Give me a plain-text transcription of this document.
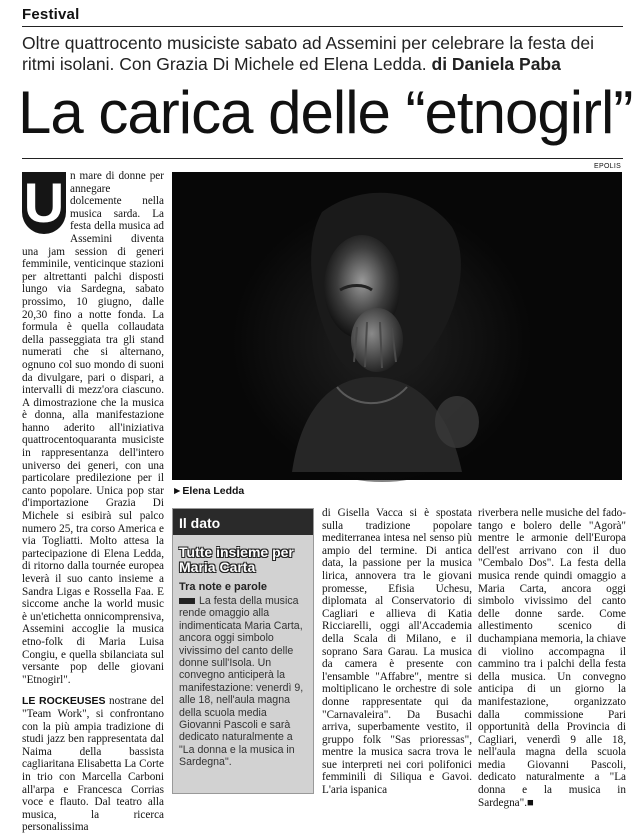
Festival
Oltre quattrocento musiciste sabato ad Assemini per celebrare la festa dei ritmi isolani. Con Grazia Di Michele ed Elena Ledda. di Daniela Paba
La carica delle “etnogirl”
U n mare di donne per annegare dolcemente nella musica sarda. La festa della musica ad Assemini diventa una jam session di generi femminile, venticinque stazioni per altrettanti palchi disposti lungo via Sardegna, sabato prossimo, 10 giugno, dalle 20,30 fino a notte fonda. La formula è quella collaudata della passeggiata tra gli stand numerati che si alternano, ognuno col suo mondo di suoni da divulgare, pari o dispari, a intervalli di mezz'ora ciascuno. A dimostrazione che la musica è donna, alla manifestazione hanno aderito all'iniziativa quattrocentoquaranta musiciste in rappresentanza dell'intero universo dei generi, con una particolare predilezione per il canto popolare. Unica pop star d'importazione Grazia Di Michele si esibirà sul palco numero 25, tra corso America e via Togliatti. Molto attesa la partecipazione di Elena Ledda, di ritorno dalla tournée europea leverà il suo canto insieme a Sandra Ligas e Rossella Faa. E siccome anche la world music è un'etichetta onnicomprensiva, Assemini accoglie la musica etno-folk di Maria Luisa Congiu, e quella sbilanciata sul versante pop delle giovani "Etnogirl".

LE ROCKEUSES nostrane del "Team Work", si confrontano con la più ampia tradizione di studi jazz ben rappresentata dal Naima della bassista cagliaritana Elisabetta La Corte in trio con Marcella Carboni all'arpa e Francesca Corrias voce e flauto. Dal teatro alla musica, la ricerca personalissima

EPOLIS
►Elena Ledda
Il dato
Tutte insieme per Maria Carta
Tra note e parole
La festa della musica rende omaggio alla indimenticata Maria Carta, ancora oggi simbolo vivissimo del canto delle donne sull'Isola. Un convegno anticiperà la manifestazione: venerdì 9, alle 18, nell'aula magna della scuola media Giovanni Pascoli e sarà dedicato naturalmente a "La donna e la musica in Sardegna".

di Gisella Vacca si è spostata sulla tradizione popolare mediterranea intesa nel senso più ampio del termine. Di antica data, la passione per la musica lirica, annovera tra le giovani promesse, Efisia Uchesu, diplomata al Conservatorio di Cagliari e allieva di Katia Ricciarelli, oggi all'Accademia della Scala di Milano, e il soprano Sara Garau. La musica da camera è presente con l'ensamble "Affabre", mentre si moltiplicano le orchestre di sole donne rappresentate qui da "Carnavaleira". Da Busachi arriva, superbamente vestito, il gruppo folk "Sas prioressas", mentre la musica sacra trova le sue interpreti nei cori polifonici femminili di Siliqua e Gavoi. L'aria ispanica

riverbera nelle musiche del fado-tango e bolero delle "Agorà" mentre le armonie dell'Europa dell'est arrivano con il duo "Cembalo Dos". La festa della musica rende quindi omaggio a Maria Carta, ancora oggi simbolo vivissimo del canto delle donne sarde. Come allestimento scenico di duchampiana memoria, la chiave di violino accompagna il cammino tra i palchi della festa della musica. Un convegno anticipa di un giorno la manifestazione, organizzato dalla commissione Pari opportunità della Provincia di Cagliari, venerdì 9 alle 18, nell'aula magna della scuola media Giovanni Pascoli, dedicato naturalmente a "La donna e la musica in Sardegna".■
